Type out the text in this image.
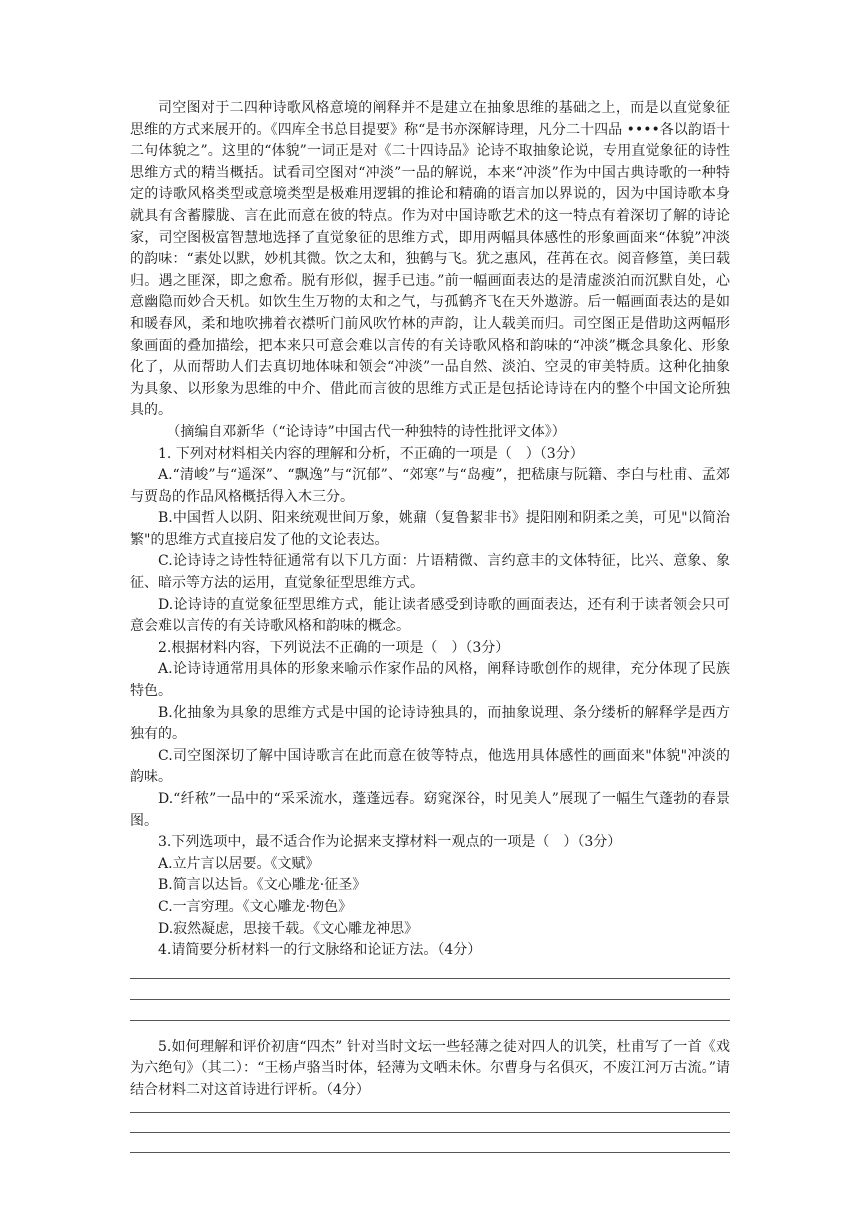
司空图对于二四种诗歌风格意境的阐释并不是建立在抽象思维的基础之上，而是以直觉象征思维的方式来展开的。《四库全书总目提要》称“是书亦深解诗理，凡分二十四品 ••••各以韵语十二句体貌之”。这里的“体貌”一词正是对《二十四诗品》论诗不取抽象论说，专用直觉象征的诗性思维方式的精当概括。试看司空图对“冲淡”一品的解说，本来“冲淡”作为中国古典诗歌的一种特定的诗歌风格类型或意境类型是极难用逻辑的推论和精确的语言加以界说的，因为中国诗歌本身就具有含蓄朦胧、言在此而意在彼的特点。作为对中国诗歌艺术的这一特点有着深切了解的诗论家，司空图极富智慧地选择了直觉象征的思维方式，即用两幅具体感性的形象画面来“体貌”冲淡的韵味：“素处以默，妙机其微。饮之太和，独鹤与飞。犹之惠风，荏苒在衣。阅音修篁，美曰载归。遇之匪深，即之愈希。脱有形似，握手已违。”前一幅画面表达的是清虚淡泊而沉默自处，心意幽隐而妙合天机。如饮生生万物的太和之气，与孤鹤齐飞在天外遨游。后一幅画面表达的是如和暖春风，柔和地吹拂着衣襟听门前风吹竹林的声韵，让人载美而归。司空图正是借助这两幅形象画面的叠加描绘，把本来只可意会难以言传的有关诗歌风格和韵味的“冲淡”概念具象化、形象化了，从而帮助人们去真切地体味和领会“冲淡”一品自然、淡泊、空灵的审美特质。这种化抽象为具象、以形象为思维的中介、借此而言彼的思维方式正是包括论诗诗在内的整个中国文论所独具的。

（摘编自邓新华（“论诗诗”中国古代一种独特的诗性批评文体》）

1. 下列对材料相关内容的理解和分析，不正确的一项是（　）（3分）

A.“清峻”与“遥深”、“飘逸”与“沉郁”、“郊寒”与“岛瘦”，把嵇康与阮籍、李白与杜甫、孟郊与贾岛的作品风格概括得入木三分。

B.中国哲人以阴、阳来统观世间万象，姚鼐（复鲁絜非书》提阳刚和阴柔之美，可见"以简治繁"的思维方式直接启发了他的文论表达。

C.论诗诗之诗性特征通常有以下几方面：片语精微、言约意丰的文体特征，比兴、意象、象征、暗示等方法的运用，直觉象征型思维方式。

D.论诗诗的直觉象征型思维方式，能让读者感受到诗歌的画面表达，还有利于读者领会只可意会难以言传的有关诗歌风格和韵味的概念。

2.根据材料内容，下列说法不正确的一项是（　）（3分）

A.论诗诗通常用具体的形象来喻示作家作品的风格，阐释诗歌创作的规律，充分体现了民族特色。

B.化抽象为具象的思维方式是中国的论诗诗独具的，而抽象说理、条分缕析的解释学是西方独有的。

C.司空图深切了解中国诗歌言在此而意在彼等特点，他选用具体感性的画面来"体貌"冲淡的韵味。

D.“纤秾”一品中的“采采流水，蓬蓬远春。窈窕深谷，时见美人”展现了一幅生气蓬勃的春景图。

3.下列选项中，最不适合作为论据来支撑材料一观点的一项是（　）（3分）

A.立片言以居要。《文赋》

B.简言以达旨。《文心雕龙·征圣》

C.一言穷理。《文心雕龙·物色》

D.寂然凝虑，思接千载。《文心雕龙神思》

4.请简要分析材料一的行文脉络和论证方法。（4分）

5.如何理解和评价初唐“四杰” 针对当时文坛一些轻薄之徒对四人的讥笑，杜甫写了一首《戏为六绝句》（其二）：“王杨卢骆当时体，轻薄为文哂未休。尔曹身与名俱灭，不废江河万古流。”请结合材料二对这首诗进行评析。（4分）
